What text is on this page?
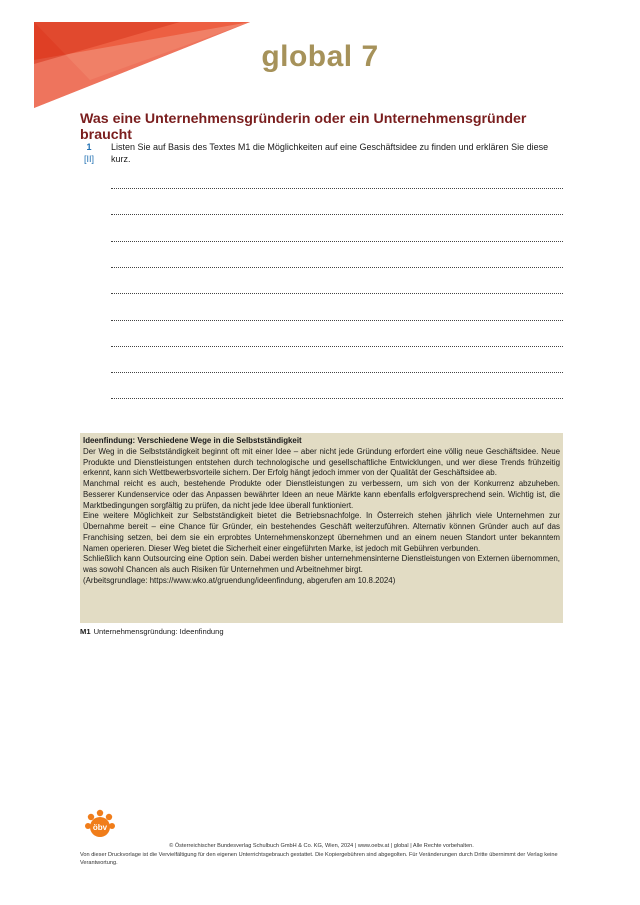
global 7
Was eine Unternehmensgründerin oder ein Unternehmensgründer braucht
1
[II]
Listen Sie auf Basis des Textes M1 die Möglichkeiten auf eine Geschäftsidee zu finden und erklären Sie diese kurz.

Ideenfindung: Verschiedene Wege in die Selbstständigkeit

Der Weg in die Selbstständigkeit beginnt oft mit einer Idee – aber nicht jede Gründung erfordert eine völlig neue Geschäftsidee. Neue Produkte und Dienstleistungen entstehen durch technologische und gesellschaftliche Entwicklungen, und wer diese Trends frühzeitig erkennt, kann sich Wettbewerbsvorteile sichern. Der Erfolg hängt jedoch immer von der Qualität der Geschäftsidee ab.

Manchmal reicht es auch, bestehende Produkte oder Dienstleistungen zu verbessern, um sich von der Konkurrenz abzuheben. Besserer Kundenservice oder das Anpassen bewährter Ideen an neue Märkte kann ebenfalls erfolgversprechend sein. Wichtig ist, die Marktbedingungen sorgfältig zu prüfen, da nicht jede Idee überall funktioniert.

Eine weitere Möglichkeit zur Selbstständigkeit bietet die Betriebsnachfolge. In Österreich stehen jährlich viele Unternehmen zur Übernahme bereit – eine Chance für Gründer, ein bestehendes Geschäft weiterzuführen. Alternativ können Gründer auch auf das Franchising setzen, bei dem sie ein erprobtes Unternehmenskonzept übernehmen und an einem neuen Standort unter bekanntem Namen operieren. Dieser Weg bietet die Sicherheit einer eingeführten Marke, ist jedoch mit Gebühren verbunden.

Schließlich kann Outsourcing eine Option sein. Dabei werden bisher unternehmensinterne Dienstleistungen von Externen übernommen, was sowohl Chancen als auch Risiken für Unternehmen und Arbeitnehmer birgt.

(Arbeitsgrundlage: https://www.wko.at/gruendung/ideenfindung, abgerufen am 10.8.2024)

M1 Unternehmensgründung: Ideenfindung
öbv
© Österreichischer Bundesverlag Schulbuch GmbH & Co. KG, Wien, 2024 | www.oebv.at | global | Alle Rechte vorbehalten.
Von dieser Druckvorlage ist die Vervielfältigung für den eigenen Unterrichtsgebrauch gestattet. Die Kopiergebühren sind abgegolten. Für Veränderungen durch Dritte übernimmt der Verlag keine Verantwortung.
